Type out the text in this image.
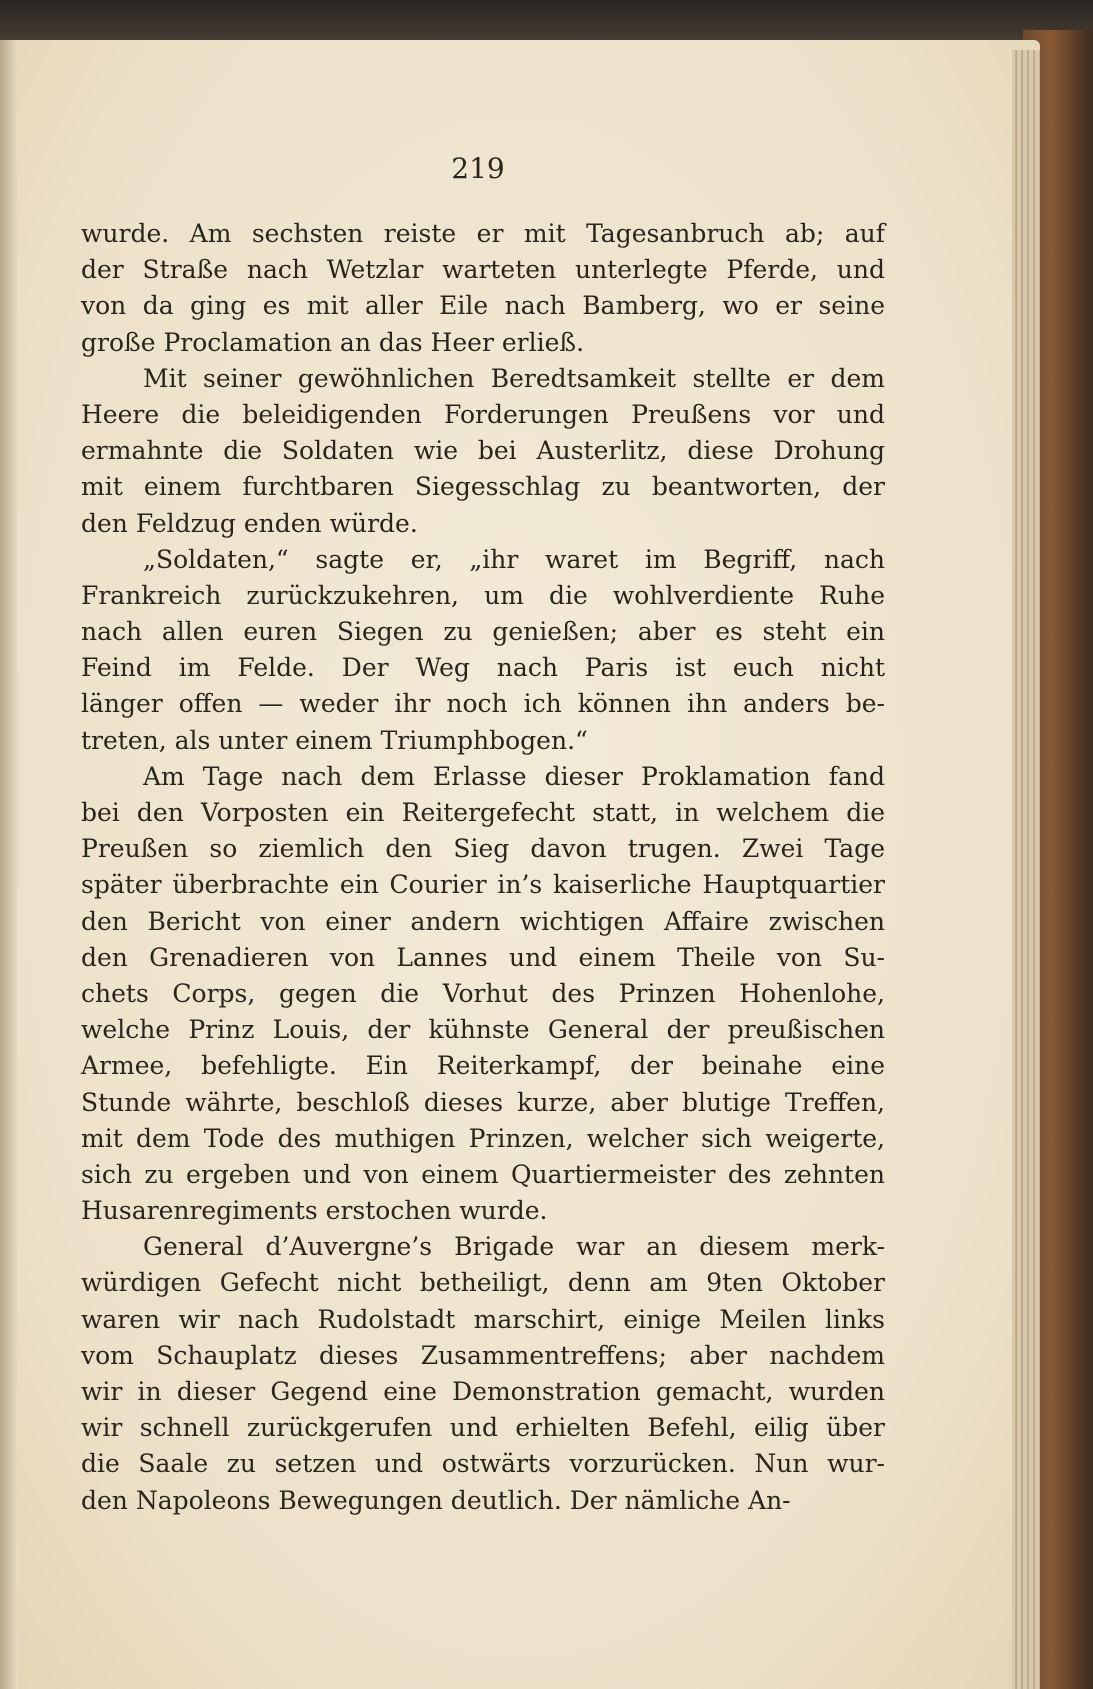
219
wurde. Am sechsten reiste er mit Tagesanbruch ab; auf
der Straße nach Wetzlar warteten unterlegte Pferde, und
von da ging es mit aller Eile nach Bamberg, wo er seine
große Proclamation an das Heer erließ.
Mit seiner gewöhnlichen Beredtsamkeit stellte er dem
Heere die beleidigenden Forderungen Preußens vor und
ermahnte die Soldaten wie bei Austerlitz, diese Drohung
mit einem furchtbaren Siegesschlag zu beantworten, der
den Feldzug enden würde.
„Soldaten,“ sagte er, „ihr waret im Begriff, nach
Frankreich zurückzukehren, um die wohlverdiente Ruhe
nach allen euren Siegen zu genießen; aber es steht ein
Feind im Felde. Der Weg nach Paris ist euch nicht
länger offen — weder ihr noch ich können ihn anders be-
treten, als unter einem Triumphbogen.“
Am Tage nach dem Erlasse dieser Proklamation fand
bei den Vorposten ein Reitergefecht statt, in welchem die
Preußen so ziemlich den Sieg davon trugen. Zwei Tage
später überbrachte ein Courier in’s kaiserliche Hauptquartier
den Bericht von einer andern wichtigen Affaire zwischen
den Grenadieren von Lannes und einem Theile von Su-
chets Corps, gegen die Vorhut des Prinzen Hohenlohe,
welche Prinz Louis, der kühnste General der preußischen
Armee, befehligte. Ein Reiterkampf, der beinahe eine
Stunde währte, beschloß dieses kurze, aber blutige Treffen,
mit dem Tode des muthigen Prinzen, welcher sich weigerte,
sich zu ergeben und von einem Quartiermeister des zehnten
Husarenregiments erstochen wurde.
General d’Auvergne’s Brigade war an diesem merk-
würdigen Gefecht nicht betheiligt, denn am 9ten Oktober
waren wir nach Rudolstadt marschirt, einige Meilen links
vom Schauplatz dieses Zusammentreffens; aber nachdem
wir in dieser Gegend eine Demonstration gemacht, wurden
wir schnell zurückgerufen und erhielten Befehl, eilig über
die Saale zu setzen und ostwärts vorzurücken. Nun wur-
den Napoleons Bewegungen deutlich. Der nämliche An-
